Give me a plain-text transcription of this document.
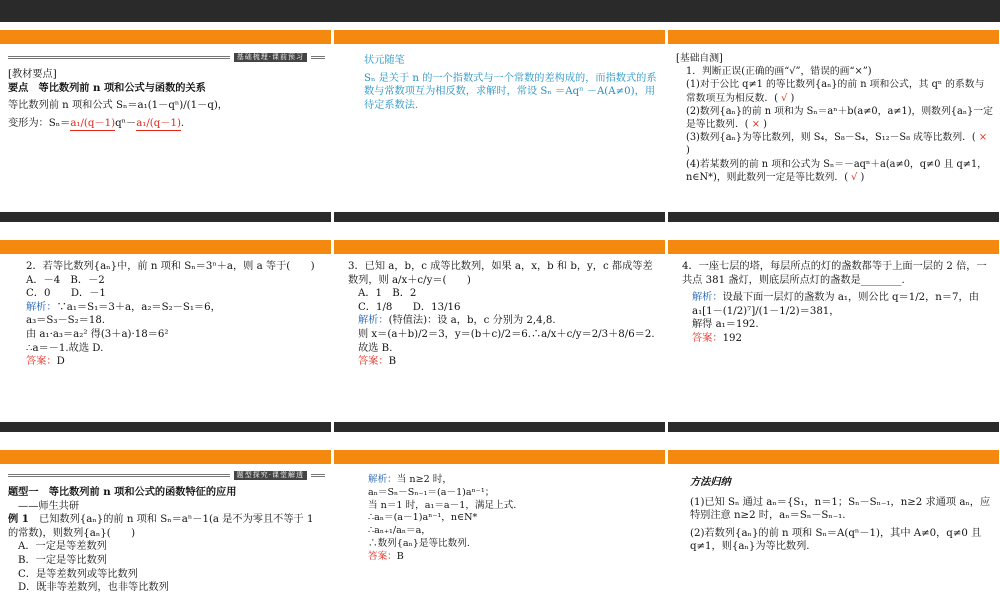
基础梳理·课前预习

[教材要点]

要点　等比数列前 n 项和公式与函数的关系

等比数列前 n 项和公式 Sₙ＝a₁(1－qⁿ)/(1－q)，

变形为：Sₙ＝a₁/(q－1)qⁿ－a₁/(q－1).

状元随笔

Sₙ 是关于 n 的一个指数式与一个常数的差构成的，而指数式的系数与常数项互为相反数，求解时，常设 Sₙ ＝Aqⁿ －A(A≠0)，用待定系数法.

[基础自测]

1．判断正误(正确的画“√”，错误的画“×”)

(1)对于公比 q≠1 的等比数列{aₙ}的前 n 项和公式，其 qⁿ 的系数与常数项互为相反数．( √ )

(2)数列{aₙ}的前 n 项和为 Sₙ＝aⁿ＋b(a≠0，a≠1)，则数列{aₙ}一定是等比数列．( × )

(3)数列{aₙ}为等比数列，则 S₄，S₈－S₄，S₁₂－S₈ 成等比数列．( × )

(4)若某数列的前 n 项和公式为 Sₙ＝－aqⁿ＋a(a≠0，q≠0 且 q≠1，n∈N*)，则此数列一定是等比数列．( √ )

2．若等比数列{aₙ}中，前 n 项和 Sₙ＝3ⁿ＋a，则 a 等于(　　)

A．－4　B．－2

C．0　　D．－1

解析：∵a₁＝S₁＝3＋a，a₂＝S₂－S₁＝6，

a₃＝S₃－S₂＝18.

由 a₁·a₃＝a₂² 得(3＋a)·18＝6²

∴a＝－1.故选 D.

答案：D

3．已知 a，b，c 成等比数列，如果 a，x，b 和 b，y，c 都成等差数列，则 a/x＋c/y＝(　　)

A．1　B．2

C．1/8　　D．13/16

解析：(特值法)：设 a，b，c 分别为 2,4,8.

则 x＝(a＋b)/2＝3，y＝(b＋c)/2＝6.∴a/x＋c/y＝2/3＋8/6＝2.

故选 B.

答案：B

4．一座七层的塔，每层所点的灯的盏数都等于上面一层的 2 倍，一共点 381 盏灯，则底层所点灯的盏数是________.

解析：设最下面一层灯的盏数为 a₁，则公比 q＝1/2，n＝7，由

a₁[1－(1/2)⁷]/(1－1/2)＝381，

解得 a₁＝192.

答案：192

题型探究·课堂解透

题型一　等比数列前 n 项和公式的函数特征的应用

——师生共研

例 1　 已知数列{aₙ}的前 n 项和 Sₙ＝aⁿ－1(a 是不为零且不等于 1 的常数)，则数列{aₙ}(　　)

A．一定是等差数列

B．一定是等比数列

C．是等差数列或等比数列

D．既非等差数列，也非等比数列

解析：当 n≥2 时，

aₙ＝Sₙ－Sₙ₋₁＝(a－1)aⁿ⁻¹；

当 n＝1 时，a₁＝a－1，满足上式.

∴aₙ＝(a－1)aⁿ⁻¹，n∈N*

∴aₙ₊₁/aₙ＝a，

∴数列{aₙ}是等比数列.

答案：B

方法归纳

(1)已知 Sₙ 通过 aₙ＝{S₁，n＝1；Sₙ－Sₙ₋₁，n≥2 求通项 aₙ，应特别注意 n≥2 时，aₙ＝Sₙ－Sₙ₋₁.

(2)若数列{aₙ}的前 n 项和 Sₙ＝A(qⁿ－1)，其中 A≠0，q≠0 且 q≠1，则{aₙ}为等比数列.
